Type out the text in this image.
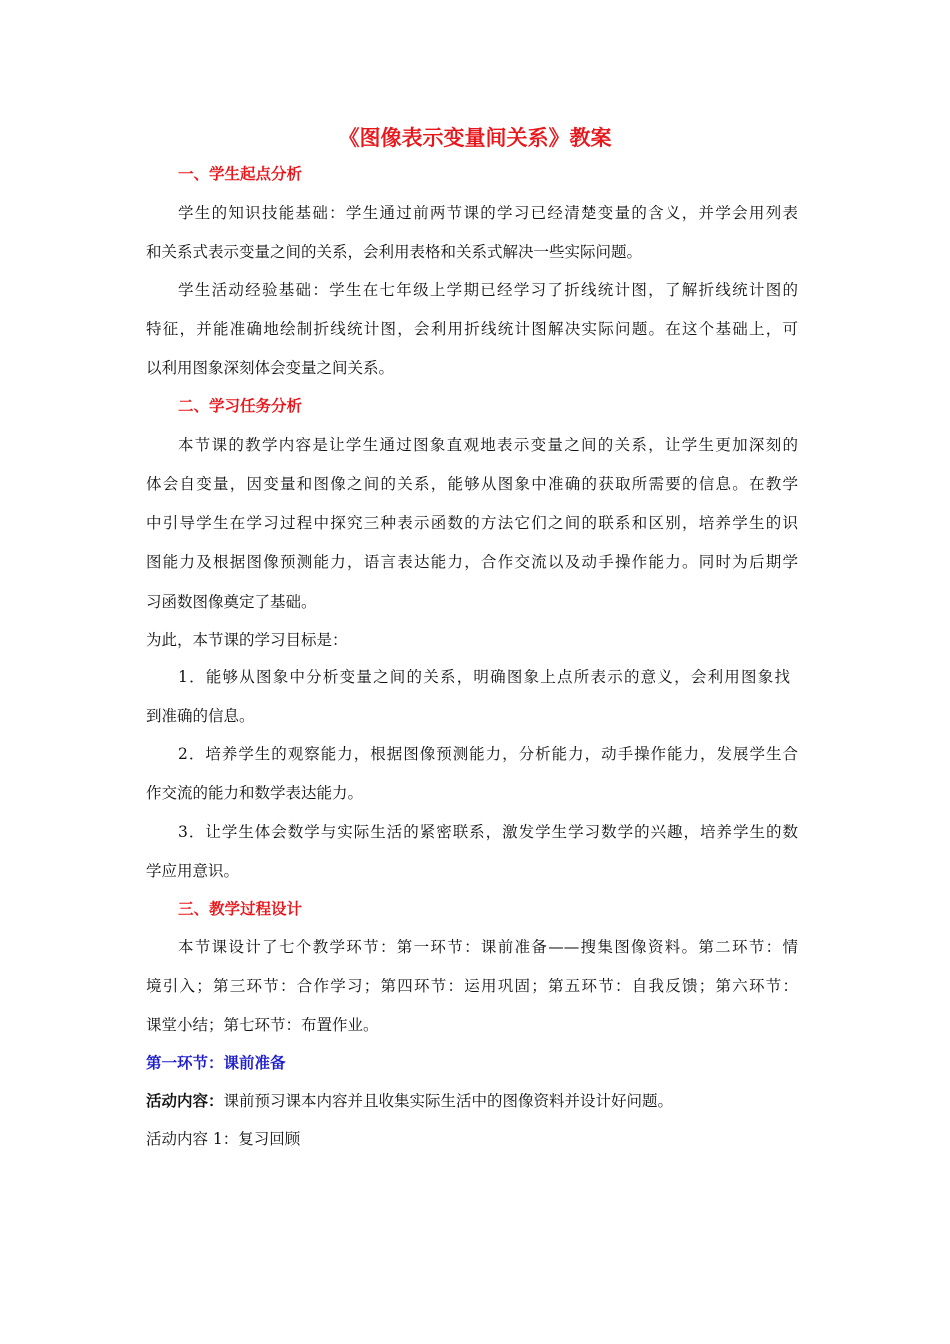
《图像表示变量间关系》教案
一、学生起点分析
学生的知识技能基础：学生通过前两节课的学习已经清楚变量的含义，并学会用列表
和关系式表示变量之间的关系，会利用表格和关系式解决一些实际问题。
学生活动经验基础：学生在七年级上学期已经学习了折线统计图，了解折线统计图的
特征，并能准确地绘制折线统计图，会利用折线统计图解决实际问题。在这个基础上，可
以利用图象深刻体会变量之间关系。
二、学习任务分析
本节课的教学内容是让学生通过图象直观地表示变量之间的关系，让学生更加深刻的
体会自变量，因变量和图像之间的关系，能够从图象中准确的获取所需要的信息。在教学
中引导学生在学习过程中探究三种表示函数的方法它们之间的联系和区别，培养学生的识
图能力及根据图像预测能力，语言表达能力，合作交流以及动手操作能力。同时为后期学
习函数图像奠定了基础。
为此，本节课的学习目标是：
1．能够从图象中分析变量之间的关系，明确图象上点所表示的意义，会利用图象找
到准确的信息。
2．培养学生的观察能力，根据图像预测能力，分析能力，动手操作能力，发展学生合
作交流的能力和数学表达能力。
3．让学生体会数学与实际生活的紧密联系，激发学生学习数学的兴趣，培养学生的数
学应用意识。
三、教学过程设计
本节课设计了七个教学环节：第一环节：课前准备——搜集图像资料。第二环节：情
境引入；第三环节：合作学习；第四环节：运用巩固；第五环节：自我反馈；第六环节：
课堂小结；第七环节：布置作业。
第一环节：课前准备
活动内容：课前预习课本内容并且收集实际生活中的图像资料并设计好问题。
活动内容 1：复习回顾
